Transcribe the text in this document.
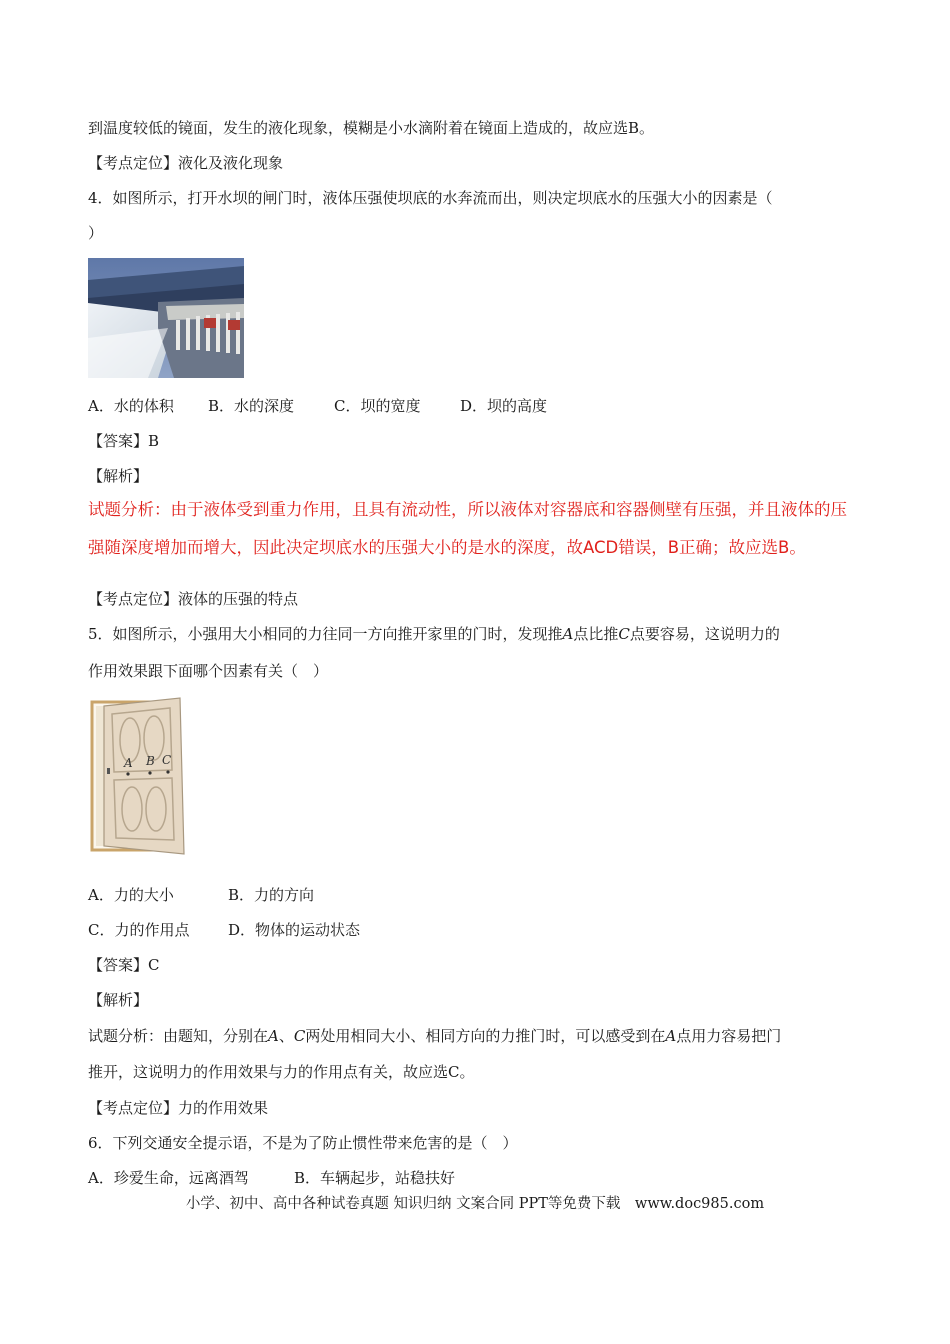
到温度较低的镜面，发生的液化现象，模糊是小水滴附着在镜面上造成的，故应选B。
【考点定位】液化及液化现象
4．如图所示，打开水坝的闸门时，液体压强使坝底的水奔流而出，则决定坝底水的压强大小的因素是（
）
A．水的体积 B．水的深度	C．坝的宽度	D．坝的高度
【答案】B
【解析】
试题分析：由于液体受到重力作用，且具有流动性，所以液体对容器底和容器侧壁有压强，并且液体的压
强随深度增加而增大，因此决定坝底水的压强大小的是水的深度，故ACD错误，B正确；故应选B。
【考点定位】液体的压强的特点
5．如图所示，小强用大小相同的力往同一方向推开家里的门时，发现推A点比推C点要容易，这说明力的
作用效果跟下面哪个因素有关（　）
A B C
A．力的大小	B．力的方向
C．力的作用点	D．物体的运动状态
【答案】C
【解析】
试题分析：由题知，分别在A、C两处用相同大小、相同方向的力推门时，可以感受到在A点用力容易把门
推开，这说明力的作用效果与力的作用点有关，故应选C。
【考点定位】力的作用效果
6．下列交通安全提示语，不是为了防止惯性带来危害的是（　）
A．珍爱生命，远离酒驾	B．车辆起步，站稳扶好
小学、初中、高中各种试卷真题 知识归纳 文案合同 PPT等免费下载　www.doc985.com
